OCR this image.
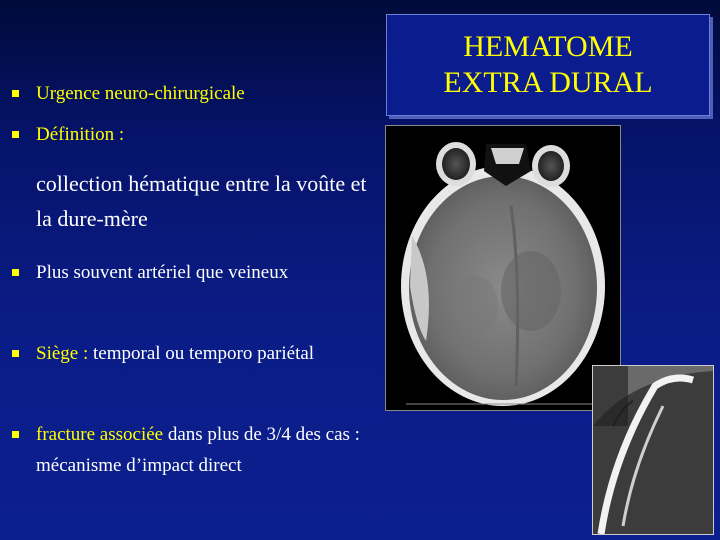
HEMATOME
EXTRA DURAL
Urgence neuro-chirurgicale
Définition :
collection hématique entre la voûte et la dure-mère
Plus souvent artériel que veineux
Siège : temporal ou temporo pariétal
fracture associée dans plus de 3/4 des cas : mécanisme d’impact direct
